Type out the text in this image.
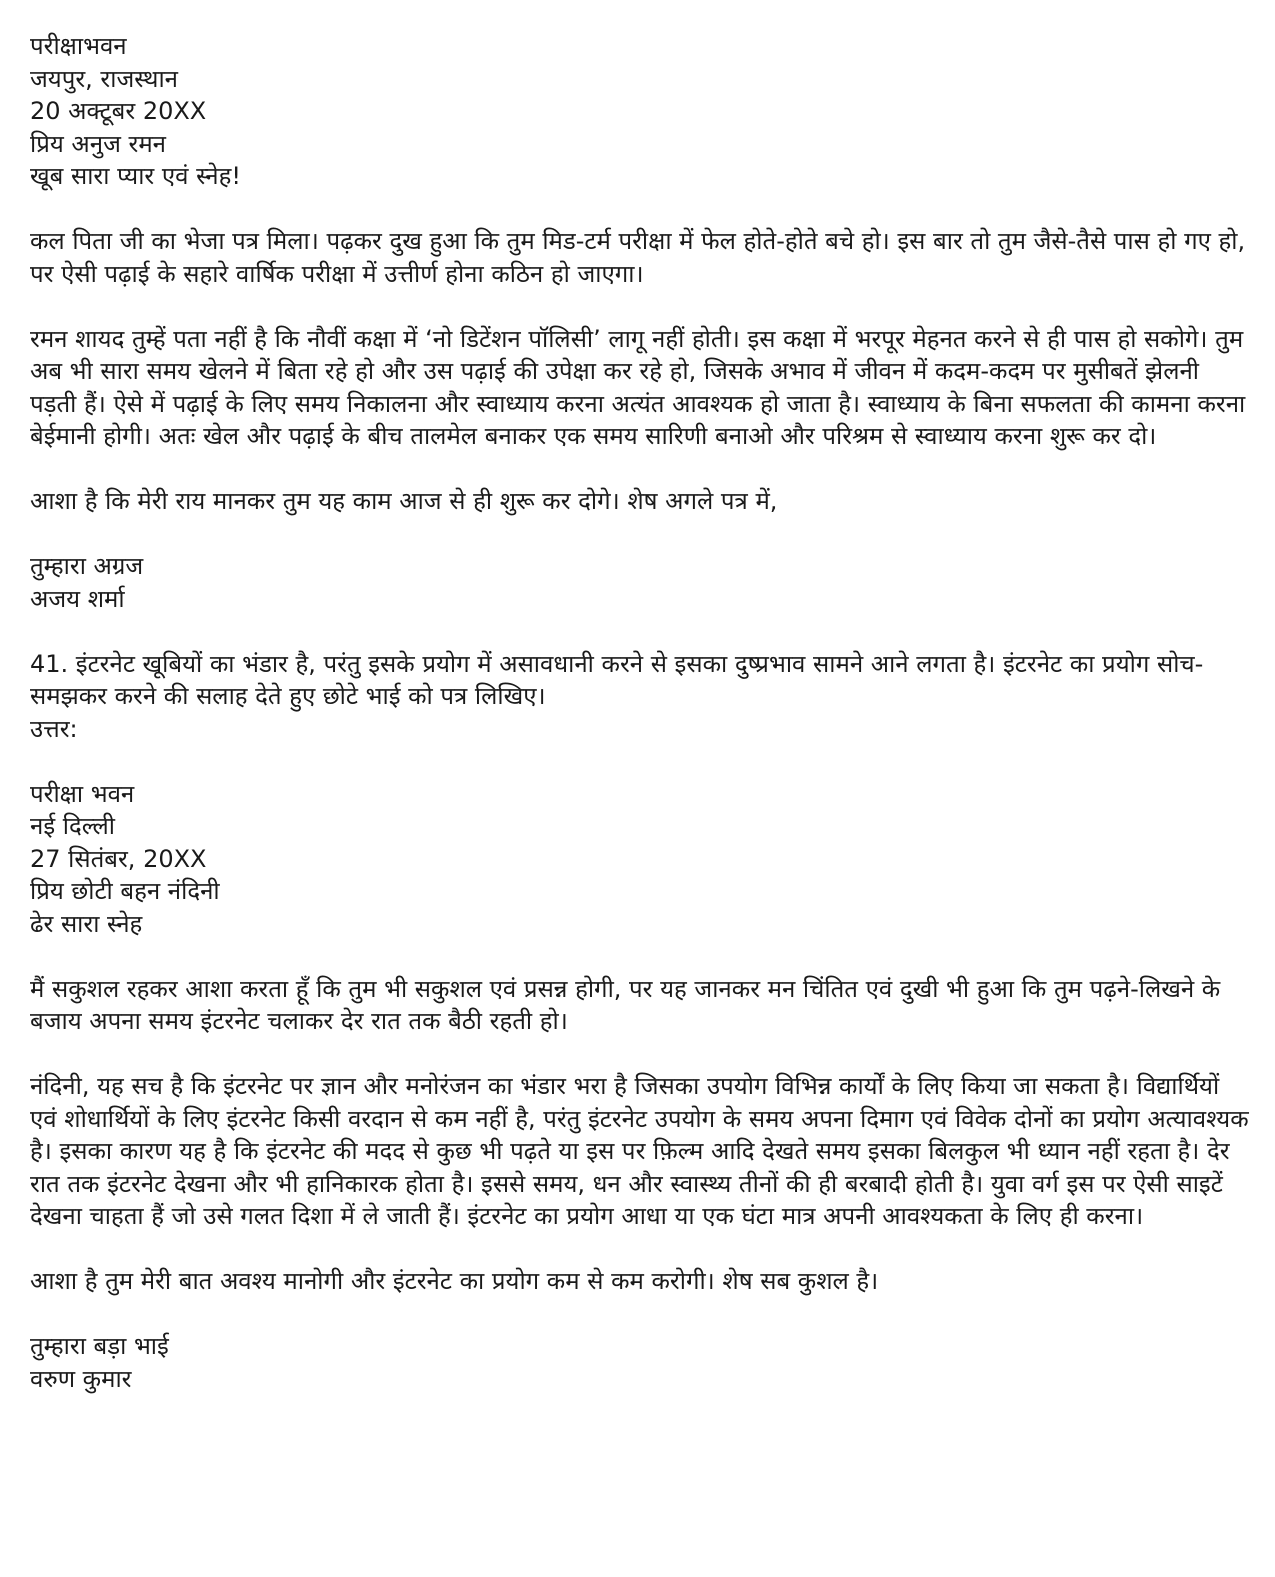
परीक्षाभवन

जयपुर, राजस्थान

20 अक्टूबर 20XX

प्रिय अनुज रमन

खूब सारा प्यार एवं स्नेह!

कल पिता जी का भेजा पत्र मिला। पढ़कर दुख हुआ कि तुम मिड-टर्म परीक्षा में फेल होते-होते बचे हो। इस बार तो तुम जैसे-तैसे पास हो गए हो, पर ऐसी पढ़ाई के सहारे वार्षिक परीक्षा में उत्तीर्ण होना कठिन हो जाएगा।

रमन शायद तुम्हें पता नहीं है कि नौवीं कक्षा में ‘नो डिटेंशन पॉलिसी’ लागू नहीं होती। इस कक्षा में भरपूर मेहनत करने से ही पास हो सकोगे। तुम अब भी सारा समय खेलने में बिता रहे हो और उस पढ़ाई की उपेक्षा कर रहे हो, जिसके अभाव में जीवन में कदम-कदम पर मुसीबतें झेलनी पड़ती हैं। ऐसे में पढ़ाई के लिए समय निकालना और स्वाध्याय करना अत्यंत आवश्यक हो जाता है। स्वाध्याय के बिना सफलता की कामना करना बेईमानी होगी। अतः खेल और पढ़ाई के बीच तालमेल बनाकर एक समय सारिणी बनाओ और परिश्रम से स्वाध्याय करना शुरू कर दो।

आशा है कि मेरी राय मानकर तुम यह काम आज से ही शुरू कर दोगे। शेष अगले पत्र में,

तुम्हारा अग्रज

अजय शर्मा

41. इंटरनेट खूबियों का भंडार है, परंतु इसके प्रयोग में असावधानी करने से इसका दुष्प्रभाव सामने आने लगता है। इंटरनेट का प्रयोग सोच-समझकर करने की सलाह देते हुए छोटे भाई को पत्र लिखिए।

उत्तर:

परीक्षा भवन

नई दिल्ली

27 सितंबर, 20XX

प्रिय छोटी बहन नंदिनी

ढेर सारा स्नेह

मैं सकुशल रहकर आशा करता हूँ कि तुम भी सकुशल एवं प्रसन्न होगी, पर यह जानकर मन चिंतित एवं दुखी भी हुआ कि तुम पढ़ने-लिखने के बजाय अपना समय इंटरनेट चलाकर देर रात तक बैठी रहती हो।

नंदिनी, यह सच है कि इंटरनेट पर ज्ञान और मनोरंजन का भंडार भरा है जिसका उपयोग विभिन्न कार्यों के लिए किया जा सकता है। विद्यार्थियों एवं शोधार्थियों के लिए इंटरनेट किसी वरदान से कम नहीं है, परंतु इंटरनेट उपयोग के समय अपना दिमाग एवं विवेक दोनों का प्रयोग अत्यावश्यक है। इसका कारण यह है कि इंटरनेट की मदद से कुछ भी पढ़ते या इस पर फ़िल्म आदि देखते समय इसका बिलकुल भी ध्यान नहीं रहता है। देर रात तक इंटरनेट देखना और भी हानिकारक होता है। इससे समय, धन और स्वास्थ्य तीनों की ही बरबादी होती है। युवा वर्ग इस पर ऐसी साइटें देखना चाहता हैं जो उसे गलत दिशा में ले जाती हैं। इंटरनेट का प्रयोग आधा या एक घंटा मात्र अपनी आवश्यकता के लिए ही करना।

आशा है तुम मेरी बात अवश्य मानोगी और इंटरनेट का प्रयोग कम से कम करोगी। शेष सब कुशल है।

तुम्हारा बड़ा भाई

वरुण कुमार
